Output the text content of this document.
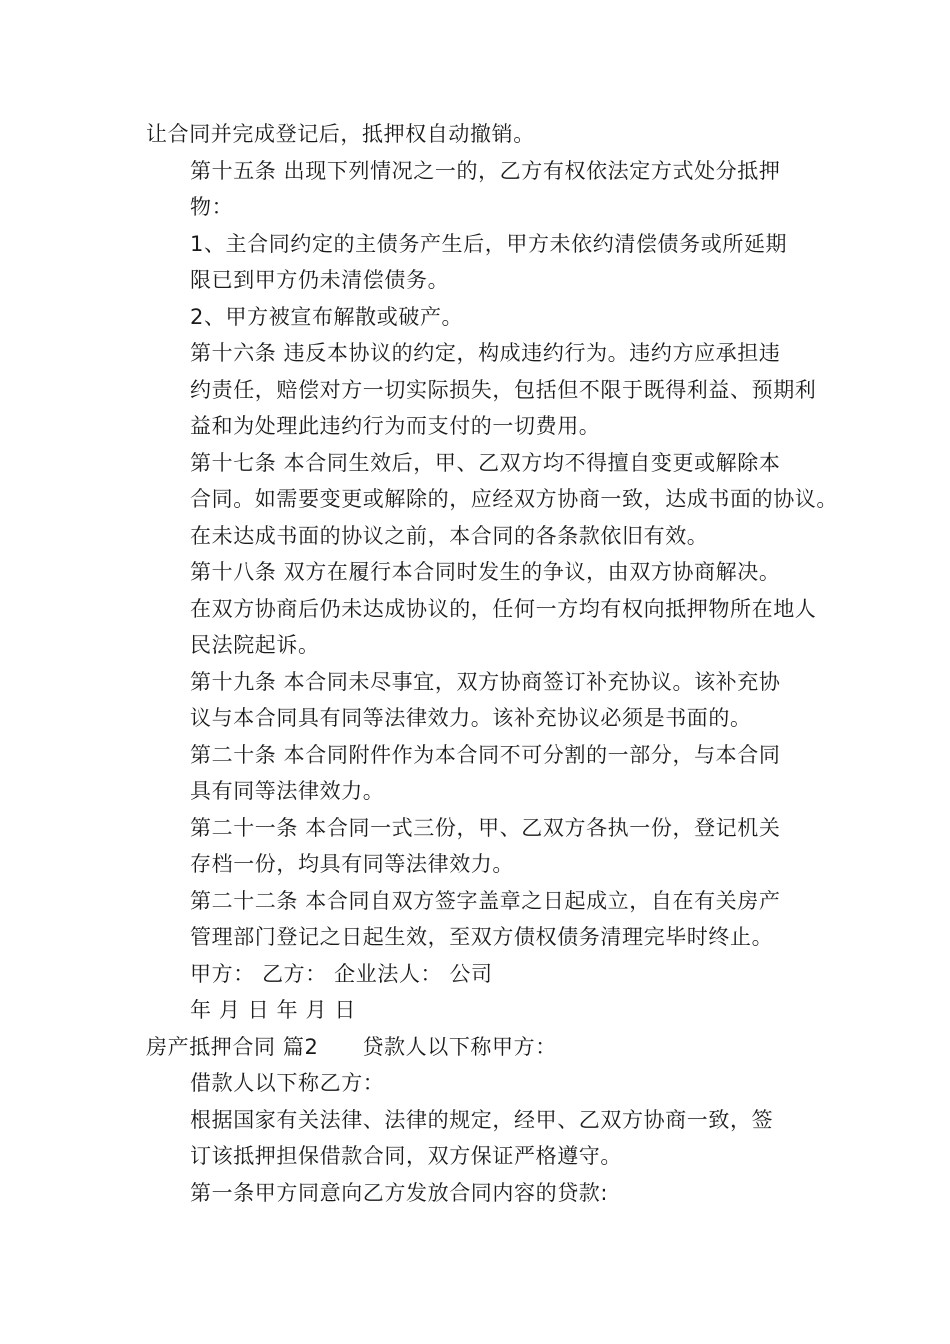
让合同并完成登记后，抵押权自动撤销。
第十五条 出现下列情况之一的，乙方有权依法定方式处分抵押
物：
1、主合同约定的主债务产生后，甲方未依约清偿债务或所延期
限已到甲方仍未清偿债务。
2、甲方被宣布解散或破产。
第十六条 违反本协议的约定，构成违约行为。违约方应承担违
约责任，赔偿对方一切实际损失，包括但不限于既得利益、预期利
益和为处理此违约行为而支付的一切费用。
第十七条 本合同生效后，甲、乙双方均不得擅自变更或解除本
合同。如需要变更或解除的，应经双方协商一致，达成书面的协议。
在未达成书面的协议之前，本合同的各条款依旧有效。
第十八条 双方在履行本合同时发生的争议，由双方协商解决。
在双方协商后仍未达成协议的，任何一方均有权向抵押物所在地人
民法院起诉。
第十九条 本合同未尽事宜，双方协商签订补充协议。该补充协
议与本合同具有同等法律效力。该补充协议必须是书面的。
第二十条 本合同附件作为本合同不可分割的一部分，与本合同
具有同等法律效力。
第二十一条 本合同一式三份，甲、乙双方各执一份，登记机关
存档一份，均具有同等法律效力。
第二十二条 本合同自双方签字盖章之日起成立，自在有关房产
管理部门登记之日起生效，至双方债权债务清理完毕时终止。
甲方： 乙方： 企业法人： 公司
年 月 日 年 月 日
房产抵押合同 篇2 贷款人以下称甲方：
借款人以下称乙方：
根据国家有关法律、法律的规定，经甲、乙双方协商一致，签
订该抵押担保借款合同，双方保证严格遵守。
第一条甲方同意向乙方发放合同内容的贷款:
